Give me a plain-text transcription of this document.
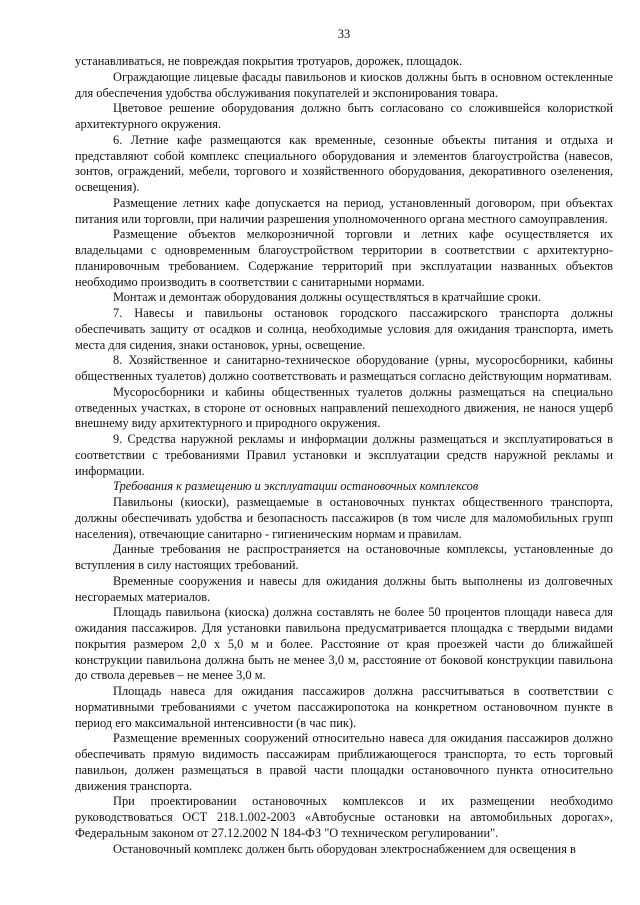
33

устанавливаться, не повреждая покрытия тротуаров, дорожек, площадок.

Ограждающие лицевые фасады павильонов и киосков должны быть в основном остекленные для обеспечения удобства обслуживания покупателей и экспонирования товара.

Цветовое решение оборудования должно быть согласовано со сложившейся колористкой архитектурного окружения.

6. Летние кафе размещаются как временные, сезонные объекты питания и отдыха и представляют собой комплекс специального оборудования и элементов благоустройства (навесов, зонтов, ограждений, мебели, торгового и хозяйственного оборудования, декоративного озеленения, освещения).

Размещение летних кафе допускается на период, установленный договором, при объектах питания или торговли, при наличии разрешения уполномоченного органа местного самоуправления.

Размещение объектов мелкорозничной торговли и летних кафе осуществляется их владельцами с одновременным благоустройством территории в соответствии с архитектурно-планировочным требованием. Содержание территорий при эксплуатации названных объектов необходимо производить в соответствии с санитарными нормами.

Монтаж и демонтаж оборудования должны осуществляться в кратчайшие сроки.

7. Навесы и павильоны остановок городского пассажирского транспорта должны обеспечивать защиту от осадков и солнца, необходимые условия для ожидания транспорта, иметь места для сидения, знаки остановок, урны, освещение.

8. Хозяйственное и санитарно-техническое оборудование (урны, мусоросборники, кабины общественных туалетов) должно соответствовать и размещаться согласно действующим нормативам.

Мусоросборники и кабины общественных туалетов должны размещаться на специально отведенных участках, в стороне от основных направлений пешеходного движения, не нанося ущерб внешнему виду архитектурного и природного окружения.

9. Средства наружной рекламы и информации должны размещаться и эксплуатироваться в соответствии с требованиями Правил установки и эксплуатации средств наружной рекламы и информации.

Требования к размещению и эксплуатации остановочных комплексов

Павильоны (киоски), размещаемые в остановочных пунктах общественного транспорта, должны обеспечивать удобства и безопасность пассажиров (в том числе для маломобильных групп населения), отвечающие санитарно - гигиеническим нормам и правилам.

Данные требования не распространяется на остановочные комплексы, установленные до вступления в силу настоящих требований.

Временные сооружения и навесы для ожидания должны быть выполнены из долговечных несгораемых материалов.

Площадь павильона (киоска) должна составлять не более 50 процентов площади навеса для ожидания пассажиров. Для установки павильона предусматривается площадка с твердыми видами покрытия размером 2,0 х 5,0 м и более. Расстояние от края проезжей части до ближайшей конструкции павильона должна быть не менее 3,0 м, расстояние от боковой конструкции павильона до ствола деревьев – не менее 3,0 м.

Площадь навеса для ожидания пассажиров должна рассчитываться в соответствии с нормативными требованиями с учетом пассажиропотока на конкретном остановочном пункте в период его максимальной интенсивности (в час пик).

Размещение временных сооружений относительно навеса для ожидания пассажиров должно обеспечивать прямую видимость пассажирам приближающегося транспорта, то есть торговый павильон, должен размещаться в правой части площадки остановочного пункта относительно движения транспорта.

При проектировании остановочных комплексов и их размещении необходимо руководствоваться ОСТ 218.1.002-2003 «Автобусные остановки на автомобильных дорогах», Федеральным законом от 27.12.2002 N 184-ФЗ "О техническом регулировании".

Остановочный комплекс должен быть оборудован электроснабжением для освещения в
